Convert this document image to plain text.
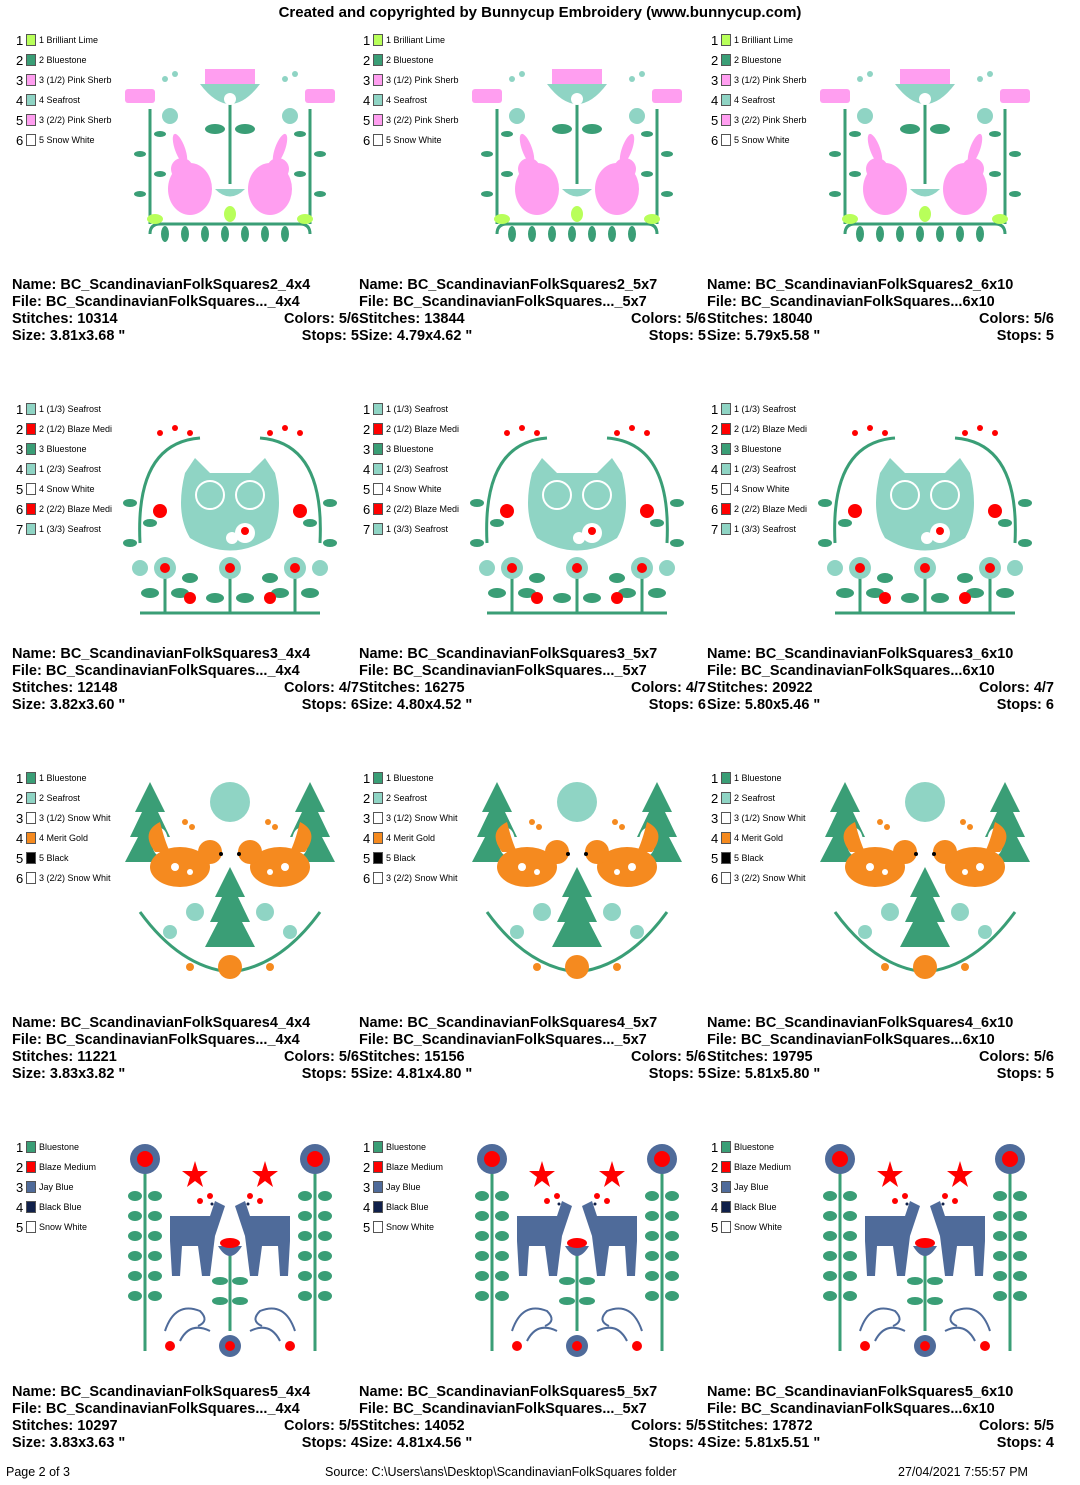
Created and copyrighted by Bunnycup Embroidery (www.bunnycup.com)
1	1 Brilliant Lime
2	2 Bluestone
3	3 (1/2) Pink Sherb
4	4 Seafrost
5	3 (2/2) Pink Sherb
6	5 Snow White
Name: BC_ScandinavianFolkSquares2_4x4
File: BC_ScandinavianFolkSquares..._4x4
Stitches: 10314	Colors: 5/6
Size: 3.81x3.68 "	Stops: 5
1	1 Brilliant Lime
2	2 Bluestone
3	3 (1/2) Pink Sherb
4	4 Seafrost
5	3 (2/2) Pink Sherb
6	5 Snow White
Name: BC_ScandinavianFolkSquares2_5x7
File: BC_ScandinavianFolkSquares..._5x7
Stitches: 13844	Colors: 5/6
Size: 4.79x4.62 "	Stops: 5
1	1 Brilliant Lime
2	2 Bluestone
3	3 (1/2) Pink Sherb
4	4 Seafrost
5	3 (2/2) Pink Sherb
6	5 Snow White
Name: BC_ScandinavianFolkSquares2_6x10
File: BC_ScandinavianFolkSquares...6x10
Stitches: 18040	Colors: 5/6
Size: 5.79x5.58 "	Stops: 5
1	1 (1/3) Seafrost
2	2 (1/2) Blaze Medi
3	3 Bluestone
4	1 (2/3) Seafrost
5	4 Snow White
6	2 (2/2) Blaze Medi
7	1 (3/3) Seafrost
Name: BC_ScandinavianFolkSquares3_4x4
File: BC_ScandinavianFolkSquares..._4x4
Stitches: 12148	Colors: 4/7
Size: 3.82x3.60 "	Stops: 6
1	1 (1/3) Seafrost
2	2 (1/2) Blaze Medi
3	3 Bluestone
4	1 (2/3) Seafrost
5	4 Snow White
6	2 (2/2) Blaze Medi
7	1 (3/3) Seafrost
Name: BC_ScandinavianFolkSquares3_5x7
File: BC_ScandinavianFolkSquares..._5x7
Stitches: 16275	Colors: 4/7
Size: 4.80x4.52 "	Stops: 6
1	1 (1/3) Seafrost
2	2 (1/2) Blaze Medi
3	3 Bluestone
4	1 (2/3) Seafrost
5	4 Snow White
6	2 (2/2) Blaze Medi
7	1 (3/3) Seafrost
Name: BC_ScandinavianFolkSquares3_6x10
File: BC_ScandinavianFolkSquares...6x10
Stitches: 20922	Colors: 4/7
Size: 5.80x5.46 "	Stops: 6
1	1 Bluestone
2	2 Seafrost
3	3 (1/2) Snow Whit
4	4 Merit Gold
5	5 Black
6	3 (2/2) Snow Whit
Name: BC_ScandinavianFolkSquares4_4x4
File: BC_ScandinavianFolkSquares..._4x4
Stitches: 11221	Colors: 5/6
Size: 3.83x3.82 "	Stops: 5
1	1 Bluestone
2	2 Seafrost
3	3 (1/2) Snow Whit
4	4 Merit Gold
5	5 Black
6	3 (2/2) Snow Whit
Name: BC_ScandinavianFolkSquares4_5x7
File: BC_ScandinavianFolkSquares..._5x7
Stitches: 15156	Colors: 5/6
Size: 4.81x4.80 "	Stops: 5
1	1 Bluestone
2	2 Seafrost
3	3 (1/2) Snow Whit
4	4 Merit Gold
5	5 Black
6	3 (2/2) Snow Whit
Name: BC_ScandinavianFolkSquares4_6x10
File: BC_ScandinavianFolkSquares...6x10
Stitches: 19795	Colors: 5/6
Size: 5.81x5.80 "	Stops: 5
1	Bluestone
2	Blaze Medium
3	Jay Blue
4	Black Blue
5	Snow White
Name: BC_ScandinavianFolkSquares5_4x4
File: BC_ScandinavianFolkSquares..._4x4
Stitches: 10297	Colors: 5/5
Size: 3.83x3.63 "	Stops: 4
1	Bluestone
2	Blaze Medium
3	Jay Blue
4	Black Blue
5	Snow White
Name: BC_ScandinavianFolkSquares5_5x7
File: BC_ScandinavianFolkSquares..._5x7
Stitches: 14052	Colors: 5/5
Size: 4.81x4.56 "	Stops: 4
1	Bluestone
2	Blaze Medium
3	Jay Blue
4	Black Blue
5	Snow White
Name: BC_ScandinavianFolkSquares5_6x10
File: BC_ScandinavianFolkSquares...6x10
Stitches: 17872	Colors: 5/5
Size: 5.81x5.51 "	Stops: 4
Page 2 of 3	Source: C:\Users\ans\Desktop\ScandinavianFolkSquares folder	27/04/2021 7:55:57 PM
